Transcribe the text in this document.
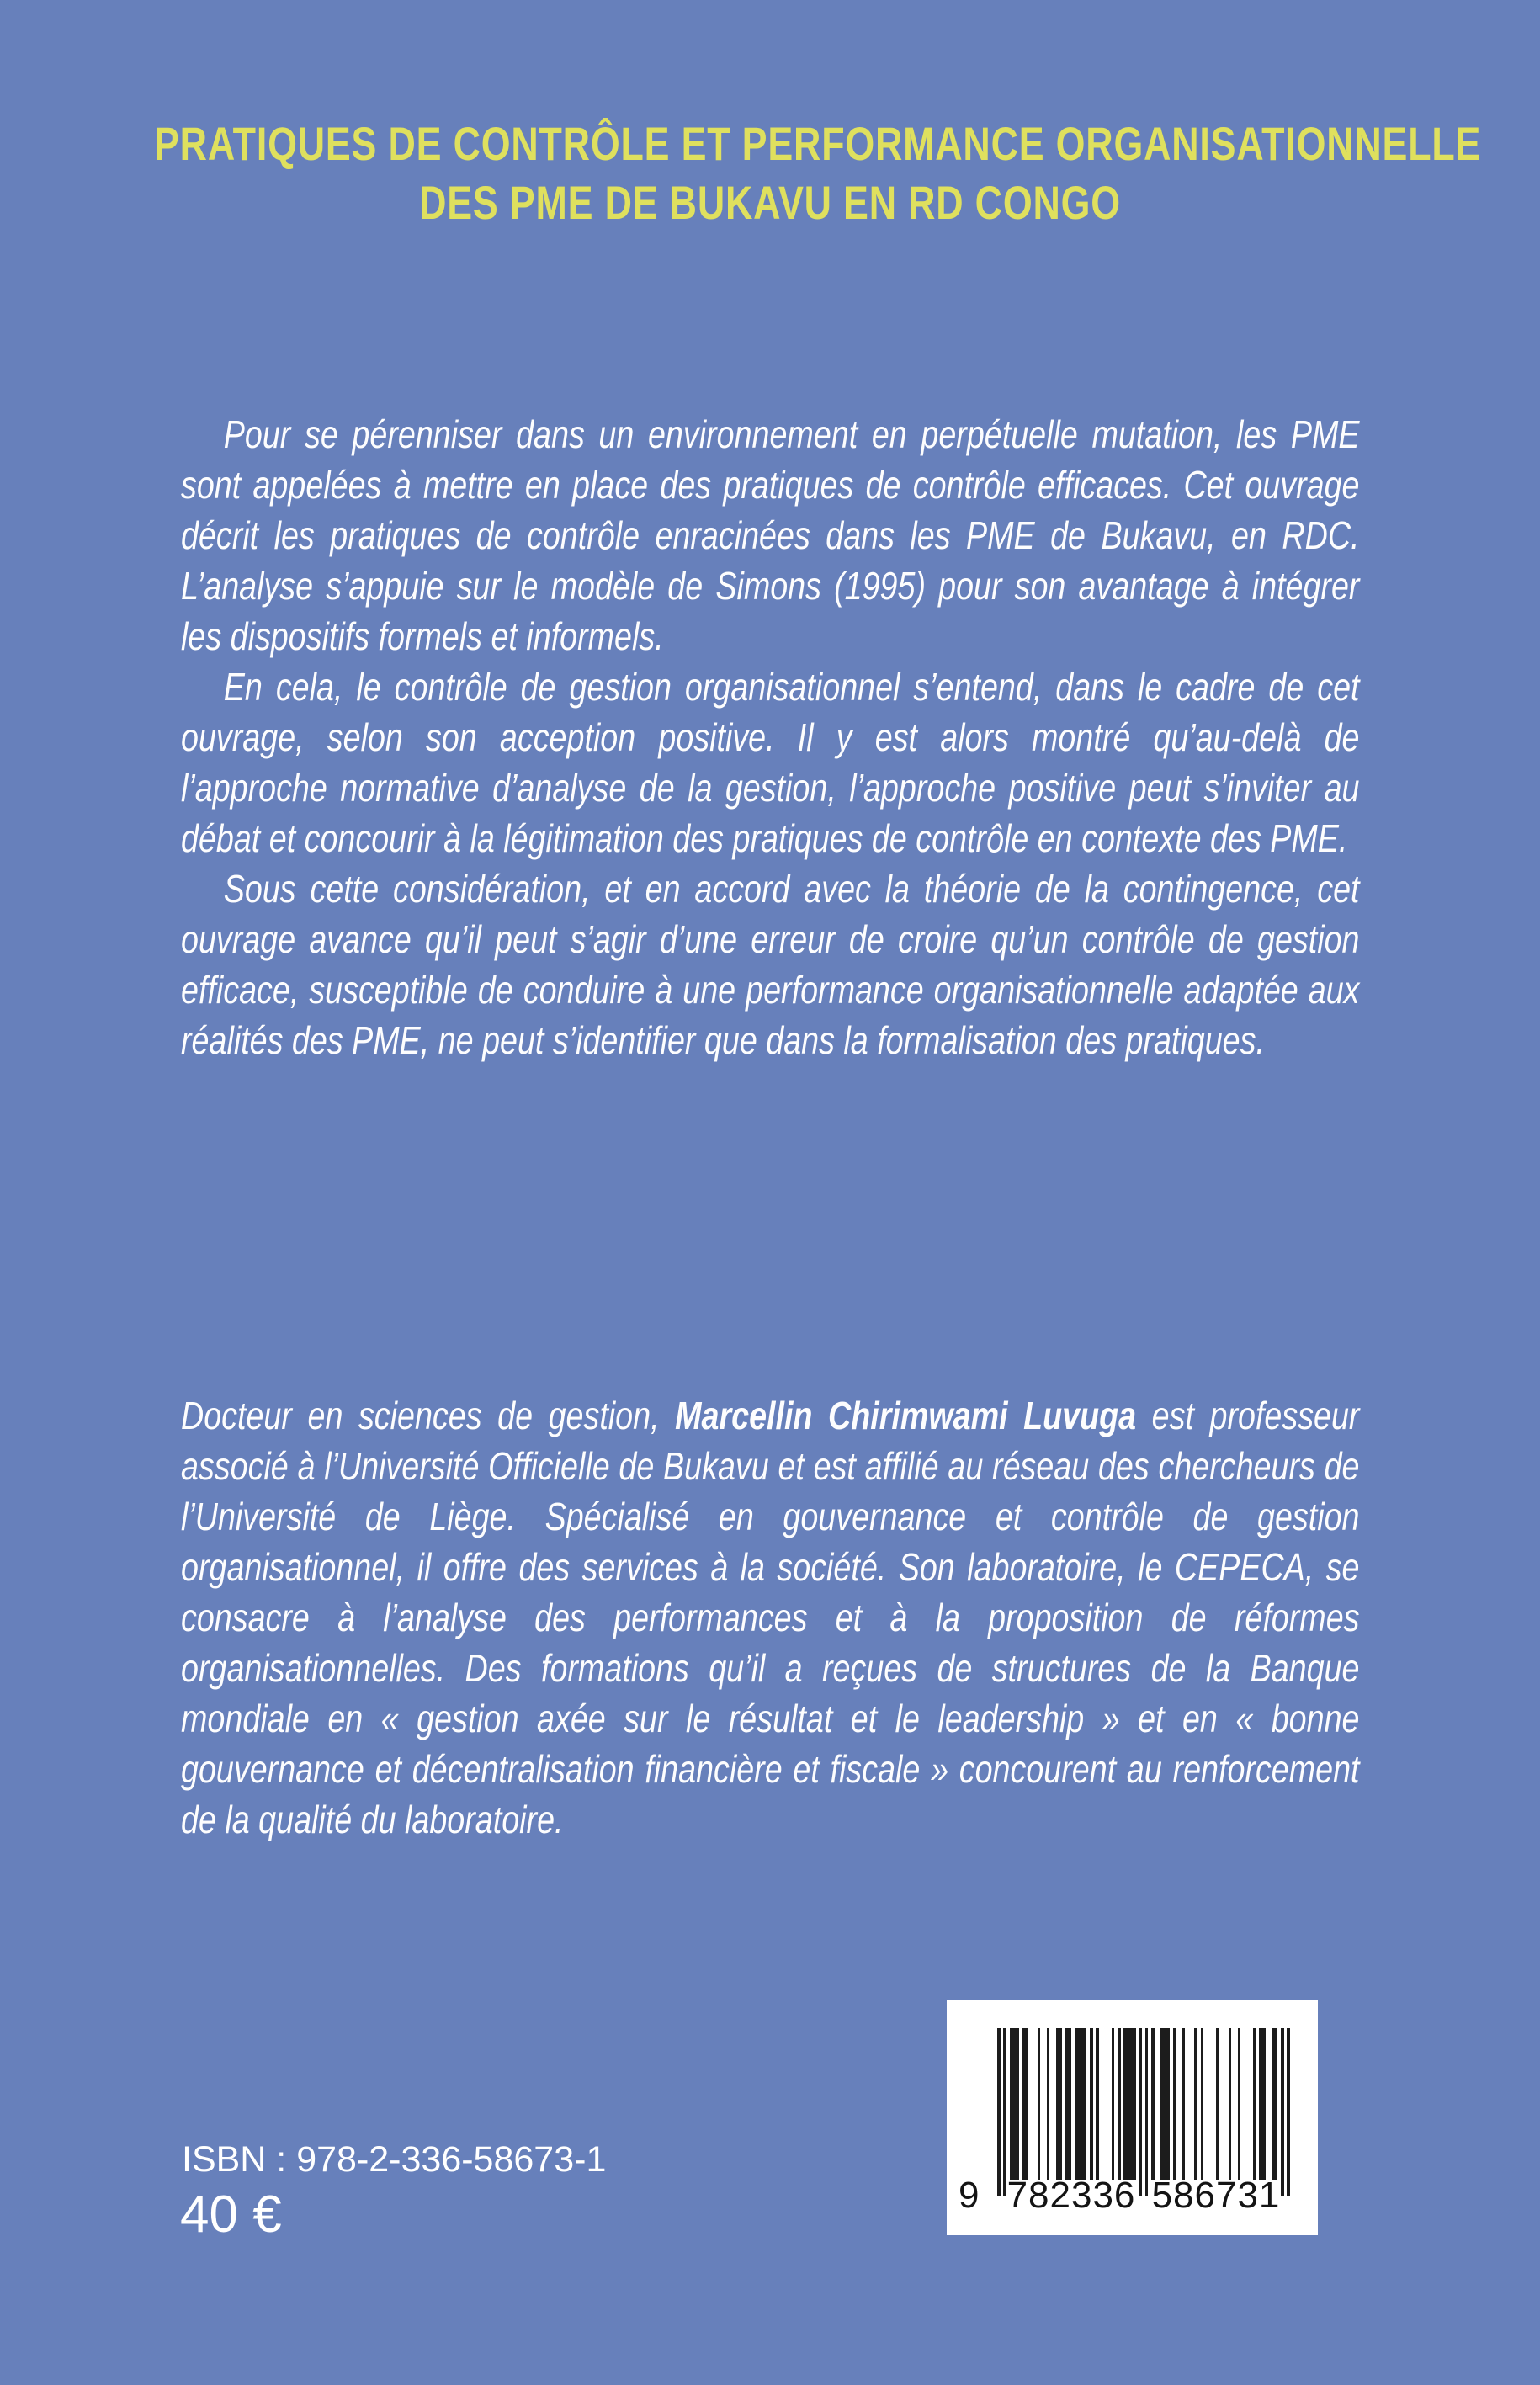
PRATIQUES DE CONTRÔLE ET PERFORMANCE ORGANISATIONNELLE
DES PME DE BUKAVU EN RD CONGO

Pour se pérenniser dans un environnement en perpétuelle mutation, les PME sont appelées à mettre en place des pratiques de contrôle efficaces. Cet ouvrage décrit les pratiques de contrôle enracinées dans les PME de Bukavu, en RDC. L’analyse s’appuie sur le modèle de Simons (1995) pour son avantage à intégrer les dispositifs formels et informels.

En cela, le contrôle de gestion organisationnel s’entend, dans le cadre de cet ouvrage, selon son acception positive. Il y est alors montré qu’au-delà de l’approche normative d’analyse de la gestion, l’approche positive peut s’inviter au débat et concourir à la légitimation des pratiques de contrôle en contexte des PME.

Sous cette considération, et en accord avec la théorie de la contingence, cet ouvrage avance qu’il peut s’agir d’une erreur de croire qu’un contrôle de gestion efficace, susceptible de conduire à une performance organisationnelle adaptée aux réalités des PME, ne peut s’identifier que dans la formalisation des pratiques.

Docteur en sciences de gestion, Marcellin Chirimwami Luvuga est professeur associé à l’Université Officielle de Bukavu et est affilié au réseau des chercheurs de l’Université de Liège. Spécialisé en gouvernance et contrôle de gestion organisationnel, il offre des services à la société. Son laboratoire, le CEPECA, se consacre à l’analyse des performances et à la proposition de réformes organisationnelles. Des formations qu’il a reçues de structures de la Banque mondiale en « gestion axée sur le résultat et le leadership » et en « bonne gouvernance et décentralisation financière et fiscale » concourent au renforcement de la qualité du laboratoire.

ISBN : 978-2-336-58673-1
40 €	9 782336 586731
